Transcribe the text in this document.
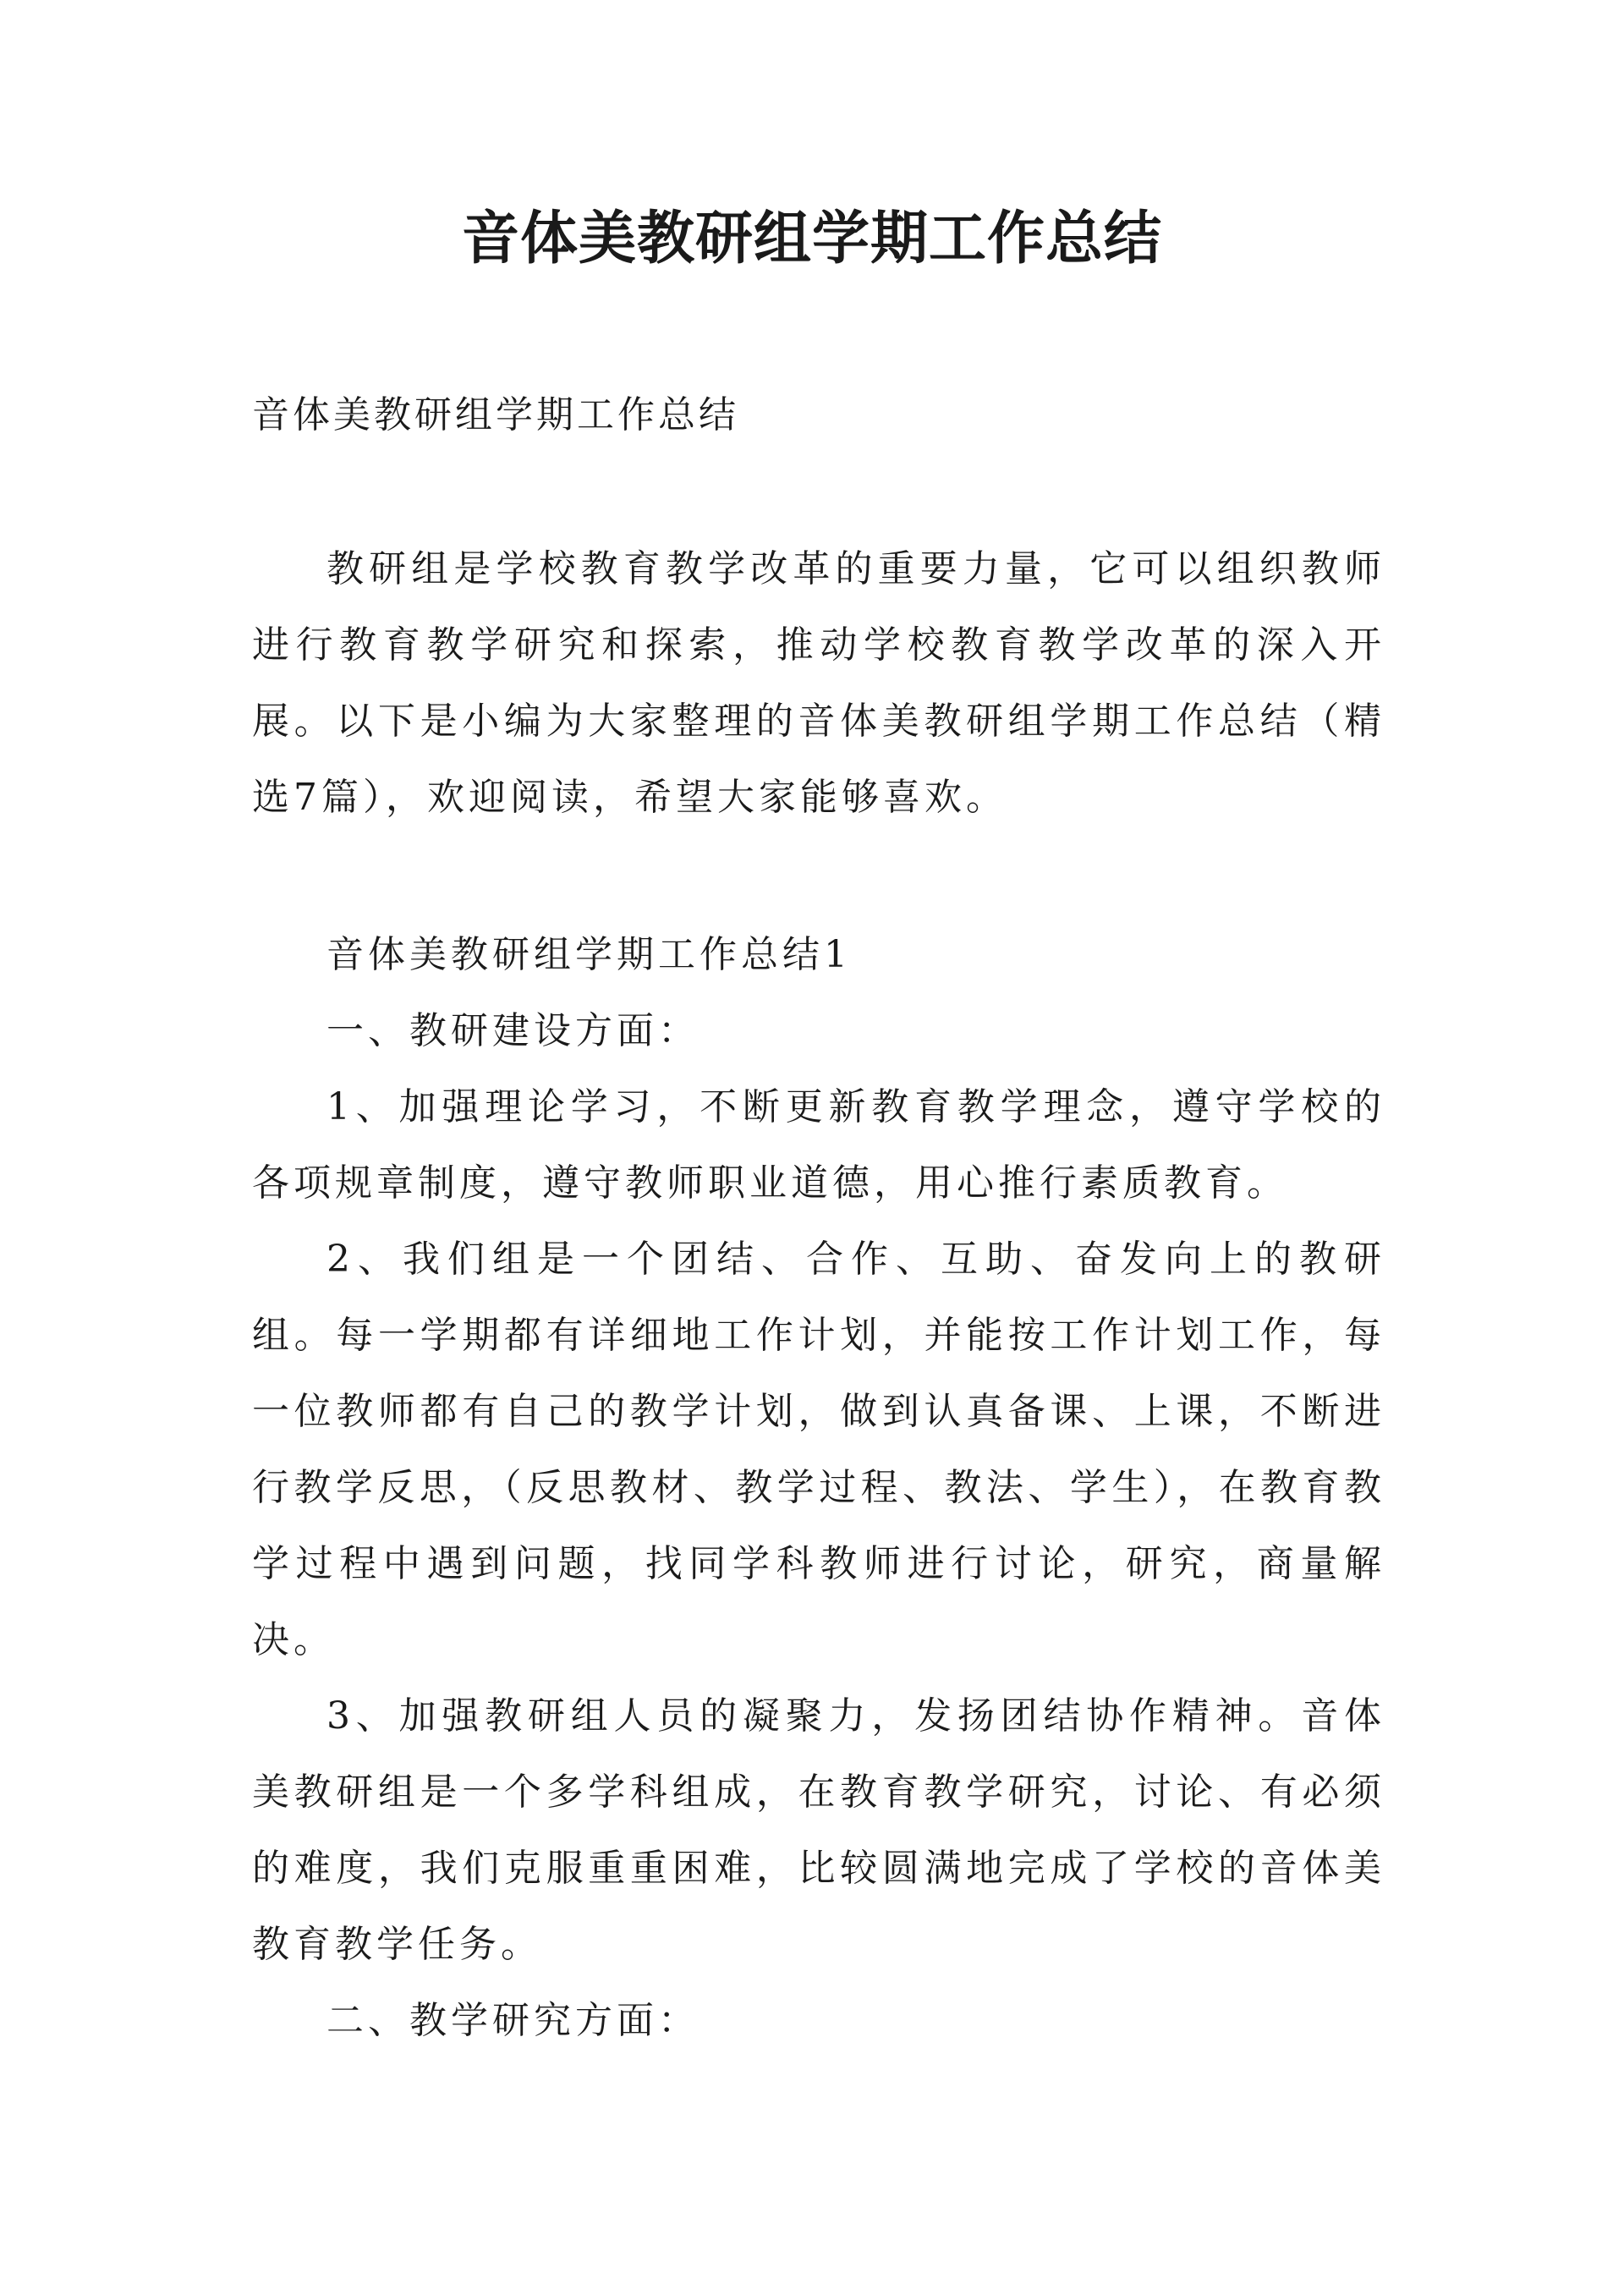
音体美教研组学期工作总结
音体美教研组学期工作总结

教研组是学校教育教学改革的重要力量，它可以组织教师进行教育教学研究和探索，推动学校教育教学改革的深入开展。以下是小编为大家整理的音体美教研组学期工作总结（精选7篇），欢迎阅读，希望大家能够喜欢。

音体美教研组学期工作总结1

一、教研建设方面：

1、加强理论学习，不断更新教育教学理念，遵守学校的各项规章制度，遵守教师职业道德，用心推行素质教育。

2、我们组是一个团结、合作、互助、奋发向上的教研组。每一学期都有详细地工作计划，并能按工作计划工作，每一位教师都有自己的教学计划，做到认真备课、上课，不断进行教学反思，（反思教材、教学过程、教法、学生），在教育教学过程中遇到问题，找同学科教师进行讨论，研究，商量解决。

3、加强教研组人员的凝聚力，发扬团结协作精神。音体美教研组是一个多学科组成，在教育教学研究，讨论、有必须的难度，我们克服重重困难，比较圆满地完成了学校的音体美教育教学任务。

二、教学研究方面：
